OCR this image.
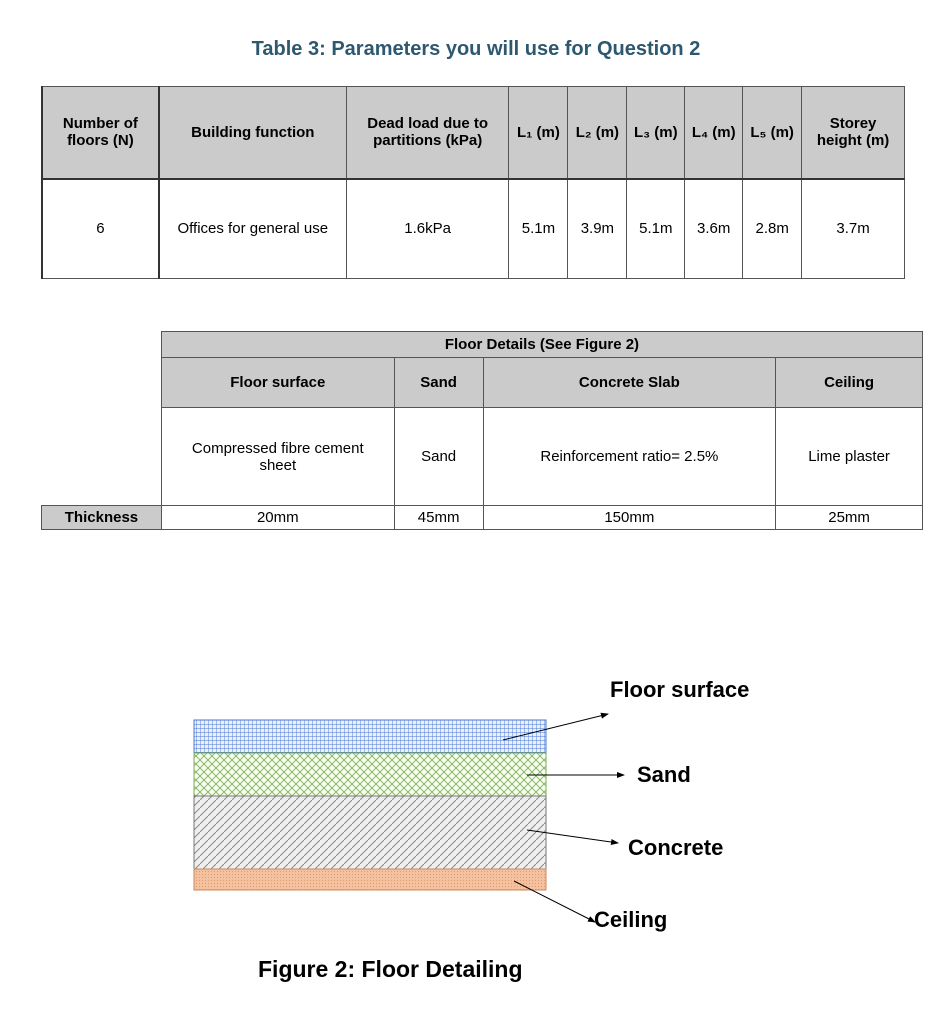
Table 3: Parameters you will use for Question 2
Number of floors (N)	Building function	Dead load due to partitions (kPa)	L₁ (m)	L₂ (m)	L₃ (m)	L₄ (m)	L₅ (m)	Storey height (m)
6	Offices for general use	1.6kPa	5.1m	3.9m	5.1m	3.6m	2.8m	3.7m
	Floor Details (See Figure 2)			
	Floor surface	Sand	Concrete Slab	Ceiling
	Compressed fibre cement sheet	Sand	Reinforcement ratio= 2.5%	Lime plaster
Thickness	20mm	45mm	150mm	25mm
Floor surface
Sand
Concrete
Ceiling
Figure 2: Floor Detailing
